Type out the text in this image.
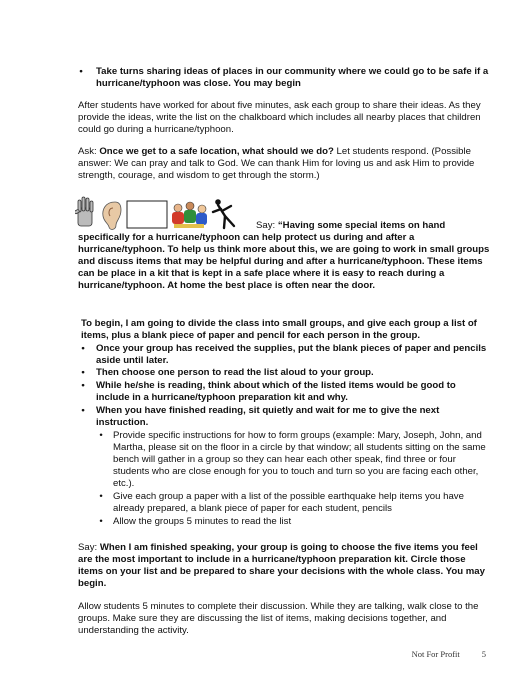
•	Take turns sharing ideas of places in our community where we could go to be safe if a hurricane/typhoon was close. You may begin

After students have worked for about five minutes, ask each group to share their ideas. As they provide the ideas, write the list on the chalkboard which includes all nearby places that children could go during a hurricane/typhoon.

Ask: Once we get to a safe location, what should we do? Let students respond. (Possible answer: We can pray and talk to God. We can thank Him for loving us and ask Him to provide strength, courage, and wisdom to get through the storm.)

Say: “Having some special items on hand specifically for a hurricane/typhoon can help protect us during and after a hurricane/typhoon. To help us think more about this, we are going to work in small groups and discuss items that may be helpful during and after a hurricane/typhoon. These items can be place in a kit that is kept in a safe place where it is easy to reach during a hurricane/typhoon. At home the best place is often near the door.

To begin, I am going to divide the class into small groups, and give each group a list of items, plus a blank piece of paper and pencil for each person in the group.

•	Once your group has received the supplies, put the blank pieces of paper and pencils aside until later.
•	Then choose one person to read the list aloud to your group.
•	While he/she is reading, think about which of the listed items would be good to include in a hurricane/typhoon preparation kit and why.
•	When you have finished reading, sit quietly and wait for me to give the next instruction.
•	Provide specific instructions for how to form groups (example: Mary, Joseph, John, and Martha, please sit on the floor in a circle by that window; all students sitting on the same bench will gather in a group so they can hear each other speak, find three or four students who are close enough for you to touch and turn so you are facing each other, etc.).
•	Give each group a paper with a list of the possible earthquake help items you have already prepared, a blank piece of paper for each student, pencils
•	Allow the groups 5 minutes to read the list

Say: When I am finished speaking, your group is going to choose the five items you feel are the most important to include in a hurricane/typhoon preparation kit. Circle those items on your list and be prepared to share your decisions with the whole class. You may begin.

Allow students 5 minutes to complete their discussion. While they are talking, walk close to the groups. Make sure they are discussing the list of items, making decisions together, and understanding the activity.

Not For Profit	5
